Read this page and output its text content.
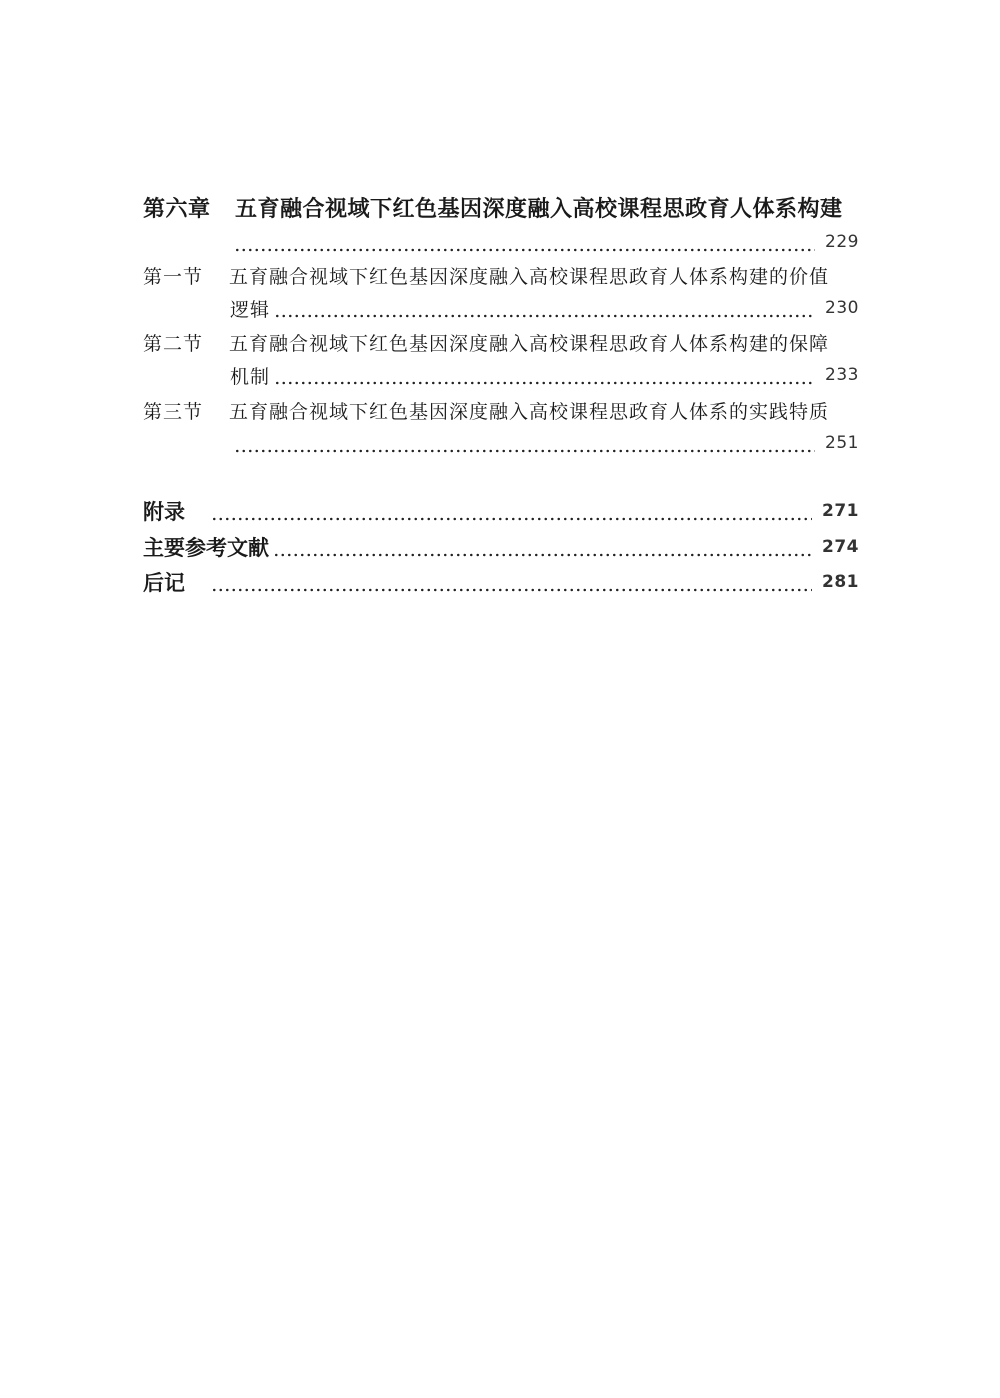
第六章	五育融合视域下红色基因深度融入高校课程思政育人体系构建
229
第一节	五育融合视域下红色基因深度融入高校课程思政育人体系构建的价值
逻辑	230
第二节	五育融合视域下红色基因深度融入高校课程思政育人体系构建的保障
机制	233
第三节	五育融合视域下红色基因深度融入高校课程思政育人体系的实践特质
251
附录	271
主要参考文献	274
后记	281
